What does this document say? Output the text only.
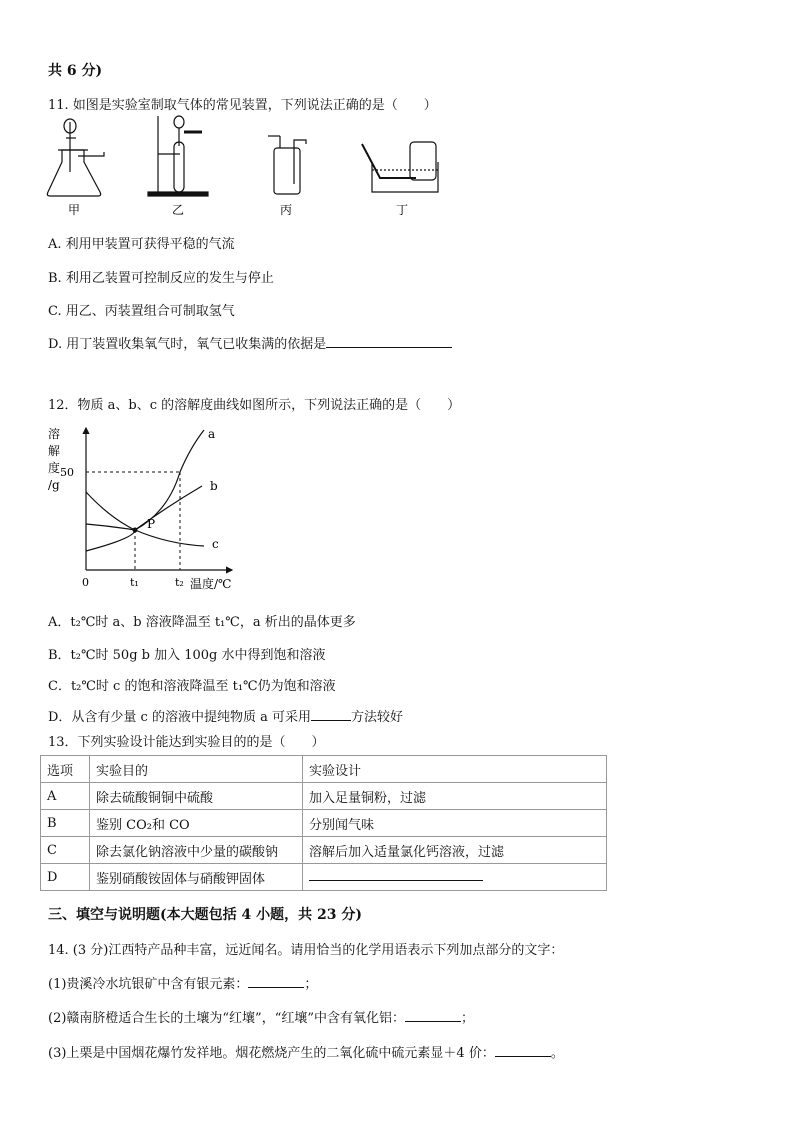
共 6 分)
11. 如图是实验室制取气体的常见装置，下列说法正确的是（　　）
甲	乙	丙	丁
A. 利用甲装置可获得平稳的气流
B. 利用乙装置可控制反应的发生与停止
C. 用乙、丙装置组合可制取氢气
D. 用丁装置收集氧气时，氧气已收集满的依据是
12．物质 a、b、c 的溶解度曲线如图所示，下列说法正确的是（　　）
a
b
c
P
溶
解
度
/g
50
0	t₁	t₂ 温度/℃
A．t₂℃时 a、b 溶液降温至 t₁℃，a 析出的晶体更多
B．t₂℃时 50g b 加入 100g 水中得到饱和溶液
C．t₂℃时 c 的饱和溶液降温至 t₁℃仍为饱和溶液
D．从含有少量 c 的溶液中提纯物质 a 可采用	方法较好
13．下列实验设计能达到实验目的的是（　　）
选项	实验目的	实验设计
A	除去硫酸铜铜中硫酸	加入足量铜粉，过滤
B	鉴别 CO₂和 CO	分别闻气味
C	除去氯化钠溶液中少量的碳酸钠	溶解后加入适量氯化钙溶液，过滤
D	鉴别硝酸铵固体与硝酸钾固体	
三、填空与说明题(本大题包括 4 小题，共 23 分)
14. (3 分)江西特产品种丰富，远近闻名。请用恰当的化学用语表示下列加点部分的文字：
(1)贵溪冷水坑银矿中含有银元素：	；
(2)赣南脐橙适合生长的土壤为“红壤”，“红壤”中含有氧化铝：	；
(3)上栗是中国烟花爆竹发祥地。烟花燃烧产生的二氧化硫中硫元素显＋4 价：	。
